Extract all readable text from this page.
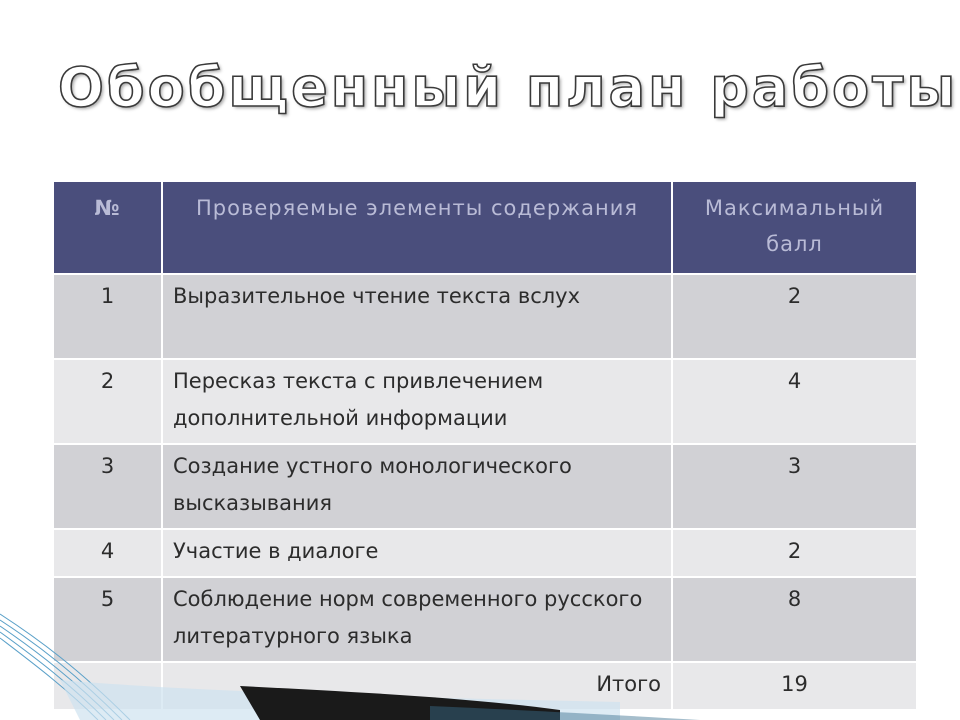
Обобщенный план работы
№	Проверяемые элементы содержания	Максимальный балл
1	Выразительное чтение текста вслух	2
2	Пересказ текста с привлечением дополнительной информации	4
3	Создание устного монологического высказывания	3
4	Участие в диалоге	2
5	Соблюдение норм современного русского литературного языка	8
	Итого	19
